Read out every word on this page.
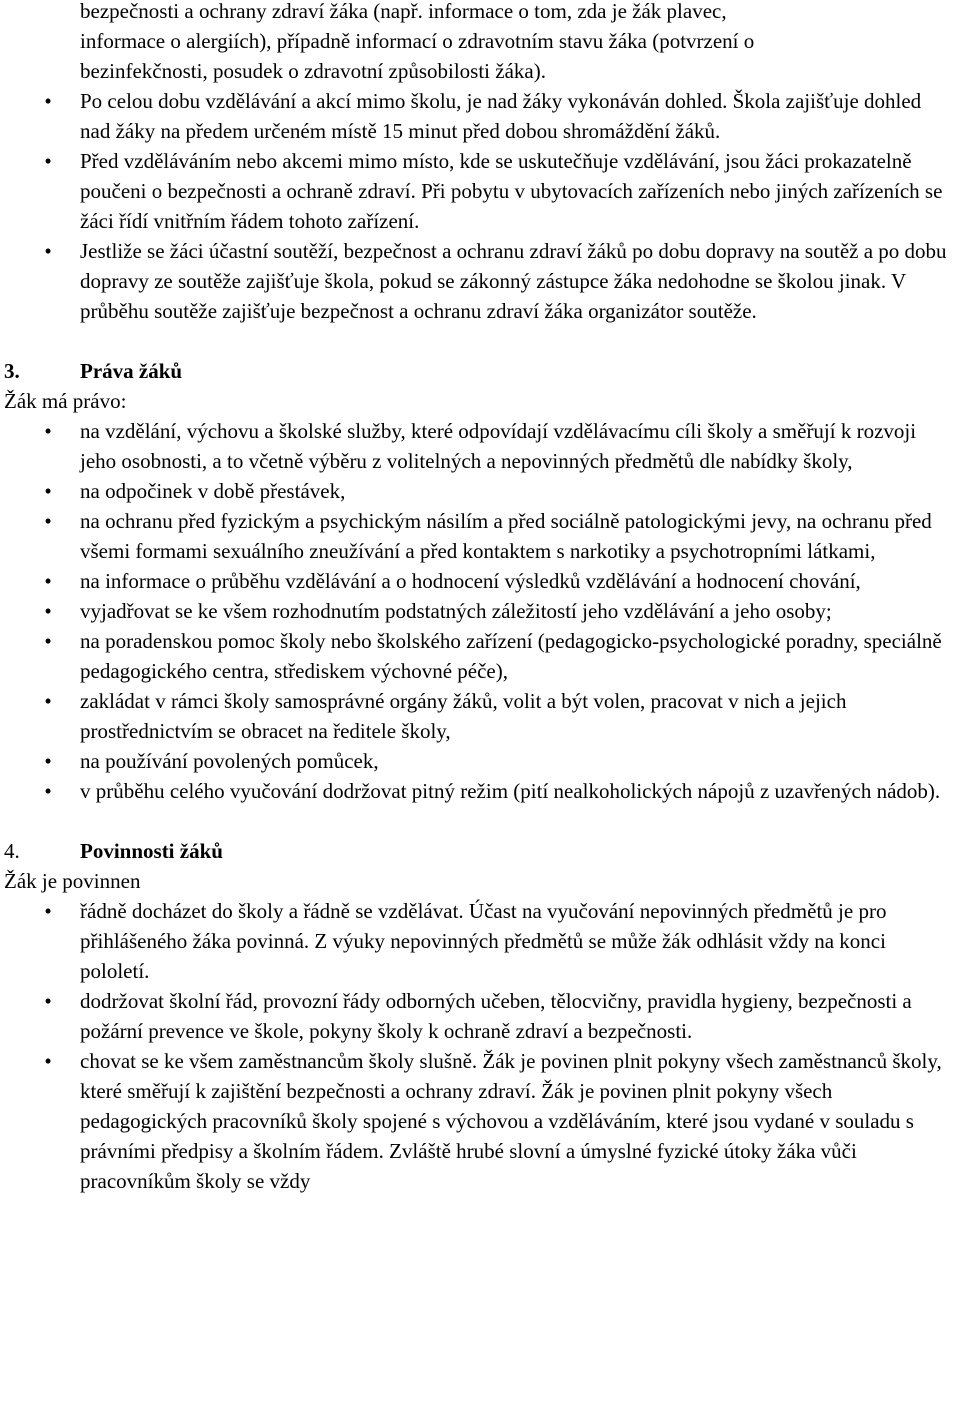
bezpečnosti a ochrany zdraví žáka (např. informace o tom, zda je žák plavec,
informace o alergiích), případně informací o zdravotním stavu žáka (potvrzení o
bezinfekčnosti, posudek o zdravotní způsobilosti žáka).
•	Po celou dobu vzdělávání a akcí mimo školu, je nad žáky vykonáván dohled. Škola zajišťuje dohled nad žáky na předem určeném místě 15 minut před dobou shromáždění žáků.
•	Před vzděláváním nebo akcemi mimo místo, kde se uskutečňuje vzdělávání, jsou žáci prokazatelně poučeni o bezpečnosti a ochraně zdraví. Při pobytu v ubytovacích zařízeních nebo jiných zařízeních se žáci řídí vnitřním řádem tohoto zařízení.
•	Jestliže se žáci účastní soutěží, bezpečnost a ochranu zdraví žáků po dobu dopravy na soutěž a po dobu dopravy ze soutěže zajišťuje škola, pokud se zákonný zástupce žáka nedohodne se školou jinak. V průběhu soutěže zajišťuje bezpečnost a ochranu zdraví žáka organizátor soutěže.
3.	Práva žáků
Žák má právo:
•	na vzdělání, výchovu a školské služby, které odpovídají vzdělávacímu cíli školy a směřují k rozvoji jeho osobnosti, a to včetně výběru z volitelných a nepovinných předmětů dle nabídky školy,
•	na odpočinek v době přestávek,
•	na ochranu před fyzickým a psychickým násilím a před sociálně patologickými jevy, na ochranu před všemi formami sexuálního zneužívání a před kontaktem s narkotiky a psychotropními látkami,
•	na informace o průběhu vzdělávání a o hodnocení výsledků vzdělávání a hodnocení chování,
•	vyjadřovat se ke všem rozhodnutím podstatných záležitostí jeho vzdělávání a jeho osoby;
•	na poradenskou pomoc školy nebo školského zařízení (pedagogicko-psychologické poradny, speciálně pedagogického centra, střediskem výchovné péče),
•	zakládat v rámci školy samosprávné orgány žáků, volit a být volen, pracovat v nich a jejich prostřednictvím se obracet na ředitele školy,
•	na používání povolených pomůcek,
•	v průběhu celého vyučování dodržovat pitný režim (pití nealkoholických nápojů z uzavřených nádob).
4.	Povinnosti žáků
Žák je povinnen
•	řádně docházet do školy a řádně se vzdělávat. Účast na vyučování nepovinných předmětů je pro přihlášeného žáka povinná. Z výuky nepovinných předmětů se může žák odhlásit vždy na konci pololetí.
•	dodržovat školní řád, provozní řády odborných učeben, tělocvičny, pravidla hygieny, bezpečnosti a požární prevence ve škole, pokyny školy k ochraně zdraví a bezpečnosti.
•	chovat se ke všem zaměstnancům školy slušně. Žák je povinen plnit pokyny všech zaměstnanců školy, které směřují k zajištění bezpečnosti a ochrany zdraví. Žák je povinen plnit pokyny všech pedagogických pracovníků školy spojené s výchovou a vzděláváním, které jsou vydané v souladu s právními předpisy a školním řádem. Zvláště hrubé slovní a úmyslné fyzické útoky žáka vůči pracovníkům školy se vždy
